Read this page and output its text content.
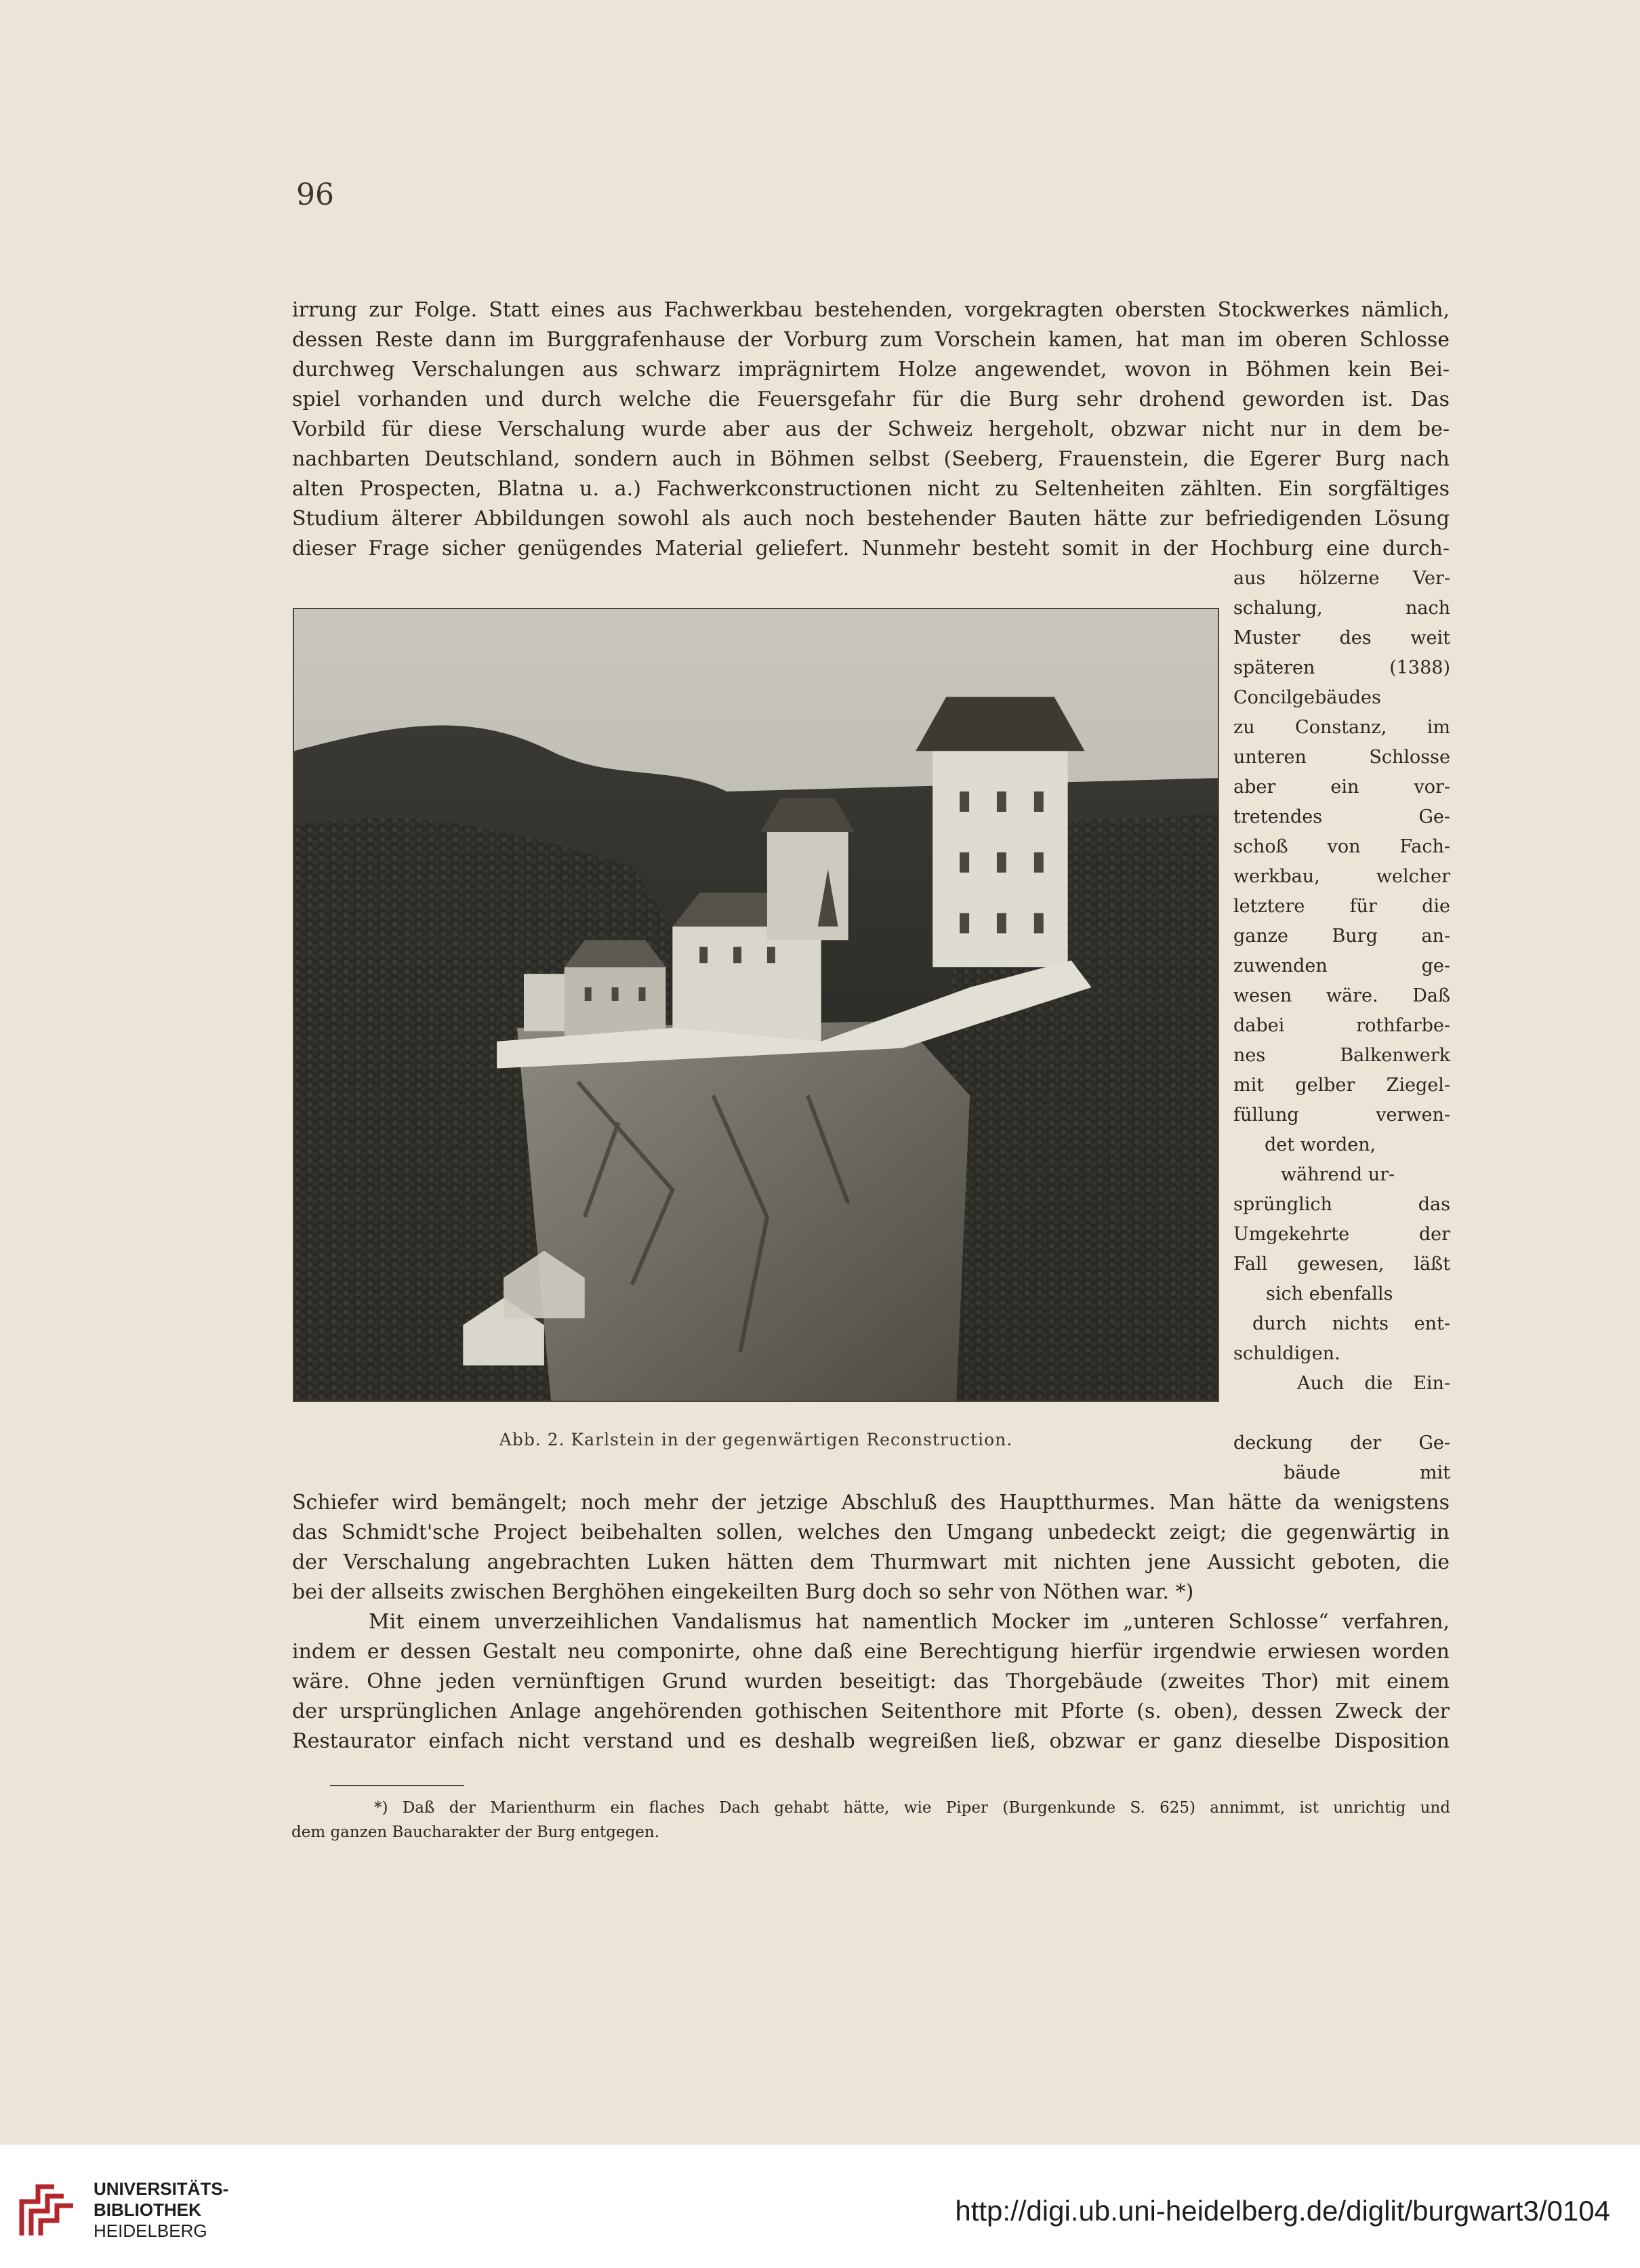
96
irrung zur Folge. Statt eines aus Fachwerkbau bestehenden, vorgekragten obersten Stockwerkes nämlich,
dessen Reste dann im Burggrafenhause der Vorburg zum Vorschein kamen, hat man im oberen Schlosse
durchweg Verschalungen aus schwarz imprägnirtem Holze angewendet, wovon in Böhmen kein Bei-
spiel vorhanden und durch welche die Feuersgefahr für die Burg sehr drohend geworden ist. Das
Vorbild für diese Verschalung wurde aber aus der Schweiz hergeholt, obzwar nicht nur in dem be-
nachbarten Deutschland, sondern auch in Böhmen selbst (Seeberg, Frauenstein, die Egerer Burg nach
alten Prospecten, Blatna u. a.) Fachwerkconstructionen nicht zu Seltenheiten zählten. Ein sorgfältiges
Studium älterer Abbildungen sowohl als auch noch bestehender Bauten hätte zur befriedigenden Lösung
dieser Frage sicher genügendes Material geliefert. Nunmehr besteht somit in der Hochburg eine durch-
aus hölzerne Ver-
schalung, nach
Muster des weit
späteren (1388)
Concilgebäudes
zu Constanz, im
unteren Schlosse
aber ein vor-
tretendes Ge-
schoß von Fach-
werkbau, welcher
letztere für die
ganze Burg an-
zuwenden ge-
wesen wäre. Daß
dabei rothfarbe-
nes Balkenwerk
mit gelber Ziegel-
füllung verwen-
det worden,
während ur-
sprünglich das
Umgekehrte der
Fall gewesen, läßt
sich ebenfalls
durch nichts ent-
schuldigen.
Auch die Ein-
deckung der Ge-
bäude mit
Abb. 2. Karlstein in der gegenwärtigen Reconstruction.
Schiefer wird bemängelt; noch mehr der jetzige Abschluß des Hauptthurmes. Man hätte da wenigstens
das Schmidt'sche Project beibehalten sollen, welches den Umgang unbedeckt zeigt; die gegenwärtig in
der Verschalung angebrachten Luken hätten dem Thurmwart mit nichten jene Aussicht geboten, die
bei der allseits zwischen Berghöhen eingekeilten Burg doch so sehr von Nöthen war. *)
Mit einem unverzeihlichen Vandalismus hat namentlich Mocker im „unteren Schlosse“ verfahren,
indem er dessen Gestalt neu componirte, ohne daß eine Berechtigung hierfür irgendwie erwiesen worden
wäre. Ohne jeden vernünftigen Grund wurden beseitigt: das Thorgebäude (zweites Thor) mit einem
der ursprünglichen Anlage angehörenden gothischen Seitenthore mit Pforte (s. oben), dessen Zweck der
Restaurator einfach nicht verstand und es deshalb wegreißen ließ, obzwar er ganz dieselbe Disposition
*) Daß der Marienthurm ein flaches Dach gehabt hätte, wie Piper (Burgenkunde S. 625) annimmt, ist unrichtig und
dem ganzen Baucharakter der Burg entgegen.
UNIVERSITÄTS-
BIBLIOTHEK
HEIDELBERG
http://digi.ub.uni-heidelberg.de/diglit/burgwart3/0104
